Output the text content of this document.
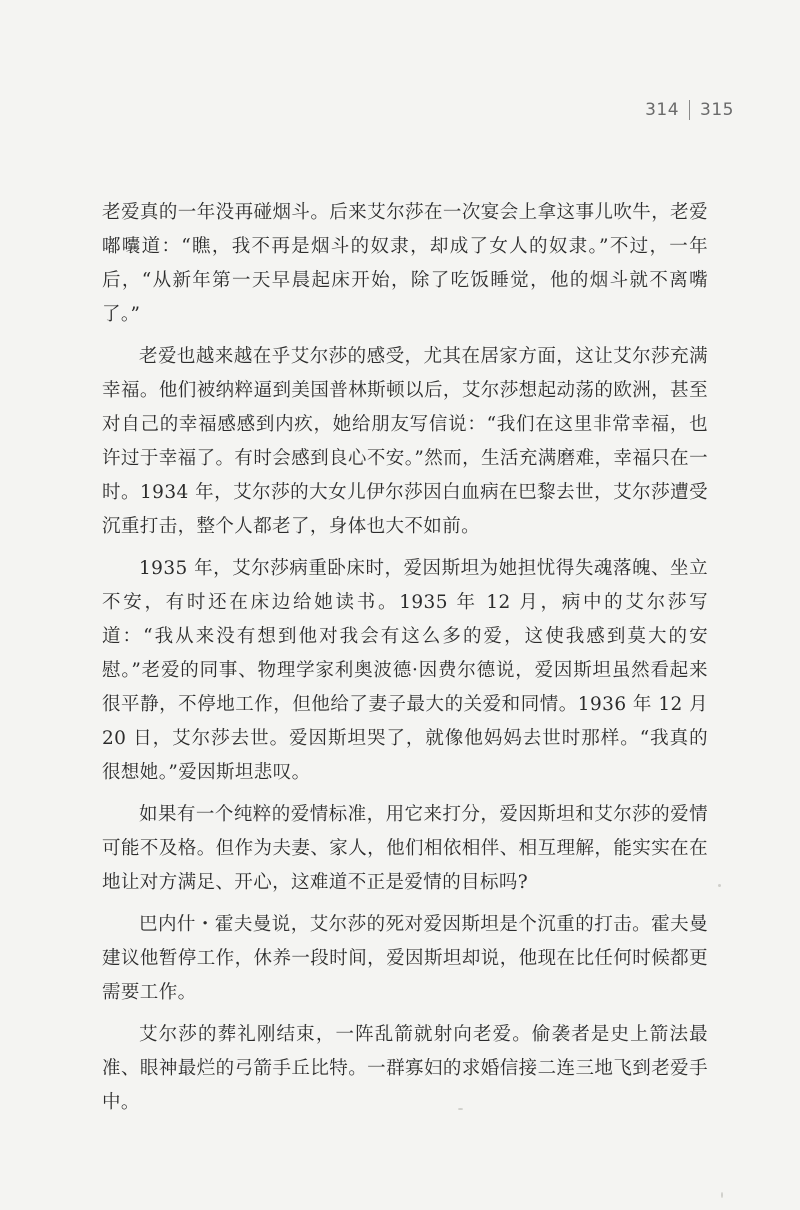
314 315

老爱真的一年没再碰烟斗。后来艾尔莎在一次宴会上拿这事儿吹牛，老爱嘟囔道：“瞧，我不再是烟斗的奴隶，却成了女人的奴隶。”不过，一年后，“从新年第一天早晨起床开始，除了吃饭睡觉，他的烟斗就不离嘴了。”

老爱也越来越在乎艾尔莎的感受，尤其在居家方面，这让艾尔莎充满幸福。他们被纳粹逼到美国普林斯顿以后，艾尔莎想起动荡的欧洲，甚至对自己的幸福感感到内疚，她给朋友写信说：“我们在这里非常幸福，也许过于幸福了。有时会感到良心不安。”然而，生活充满磨难，幸福只在一时。1934 年，艾尔莎的大女儿伊尔莎因白血病在巴黎去世，艾尔莎遭受沉重打击，整个人都老了，身体也大不如前。

1935 年，艾尔莎病重卧床时，爱因斯坦为她担忧得失魂落魄、坐立不安，有时还在床边给她读书。1935 年 12 月，病中的艾尔莎写道：“我从来没有想到他对我会有这么多的爱，这使我感到莫大的安慰。”老爱的同事、物理学家利奥波德·因费尔德说，爱因斯坦虽然看起来很平静，不停地工作，但他给了妻子最大的关爱和同情。1936 年 12 月 20 日，艾尔莎去世。爱因斯坦哭了，就像他妈妈去世时那样。“我真的很想她。”爱因斯坦悲叹。

如果有一个纯粹的爱情标准，用它来打分，爱因斯坦和艾尔莎的爱情可能不及格。但作为夫妻、家人，他们相依相伴、相互理解，能实实在在地让对方满足、开心，这难道不正是爱情的目标吗?

巴内什・霍夫曼说，艾尔莎的死对爱因斯坦是个沉重的打击。霍夫曼建议他暂停工作，休养一段时间，爱因斯坦却说，他现在比任何时候都更需要工作。

艾尔莎的葬礼刚结束，一阵乱箭就射向老爱。偷袭者是史上箭法最准、眼神最烂的弓箭手丘比特。一群寡妇的求婚信接二连三地飞到老爱手中。
